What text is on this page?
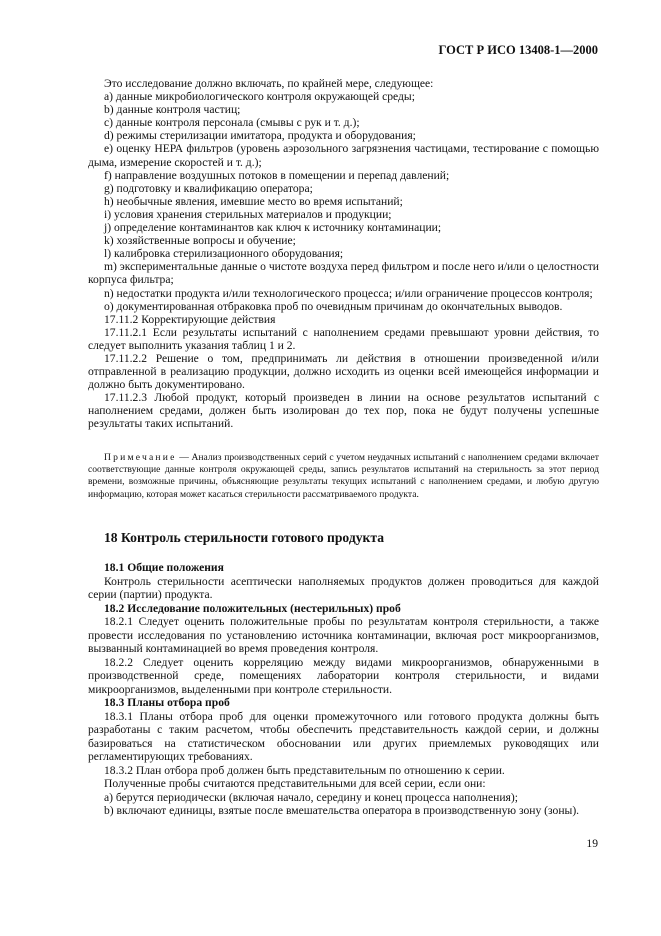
ГОСТ Р ИСО 13408-1—2000

Это исследование должно включать, по крайней мере, следующее:

a) данные микробиологического контроля окружающей среды;

b) данные контроля частиц;

c) данные контроля персонала (смывы с рук и т. д.);

d) режимы стерилизации имитатора, продукта и оборудования;

e) оценку НЕРА фильтров (уровень аэрозольного загрязнения частицами, тестирование с помощью дыма, измерение скоростей и т. д.);

f) направление воздушных потоков в помещении и перепад давлений;

g) подготовку и квалификацию оператора;

h) необычные явления, имевшие место во время испытаний;

i) условия хранения стерильных материалов и продукции;

j) определение контаминантов как ключ к источнику контаминации;

k) хозяйственные вопросы и обучение;

l) калибровка стерилизационного оборудования;

m) экспериментальные данные о чистоте воздуха перед фильтром и после него и/или о целостности корпуса фильтра;

n) недостатки продукта и/или технологического процесса; и/или ограничение процессов контроля;

o) документированная отбраковка проб по очевидным причинам до окончательных выводов.

17.11.2 Корректирующие действия

17.11.2.1 Если результаты испытаний с наполнением средами превышают уровни действия, то следует выполнить указания таблиц 1 и 2.

17.11.2.2 Решение о том, предпринимать ли действия в отношении произведенной и/или отправленной в реализацию продукции, должно исходить из оценки всей имеющейся информации и должно быть документировано.

17.11.2.3 Любой продукт, который произведен в линии на основе результатов испытаний с наполнением средами, должен быть изолирован до тех пор, пока не будут получены успешные результаты таких испытаний.

Примечание — Анализ производственных серий с учетом неудачных испытаний с наполнением средами включает соответствующие данные контроля окружающей среды, запись результатов испытаний на стерильность за этот период времени, возможные причины, объясняющие результаты текущих испытаний с наполнением средами, и любую другую информацию, которая может касаться стерильности рассматриваемого продукта.

18 Контроль стерильности готового продукта

18.1 Общие положения

Контроль стерильности асептически наполняемых продуктов должен проводиться для каждой серии (партии) продукта.

18.2 Исследование положительных (нестерильных) проб

18.2.1 Следует оценить положительные пробы по результатам контроля стерильности, а также провести исследования по установлению источника контаминации, включая рост микроорганизмов, вызванный контаминацией во время проведения контроля.

18.2.2 Следует оценить корреляцию между видами микроорганизмов, обнаруженными в производственной среде, помещениях лаборатории контроля стерильности, и видами микроорганизмов, выделенными при контроле стерильности.

18.3 Планы отбора проб

18.3.1 Планы отбора проб для оценки промежуточного или готового продукта должны быть разработаны с таким расчетом, чтобы обеспечить представительность каждой серии, и должны базироваться на статистическом обосновании или других приемлемых руководящих или регламентирующих требованиях.

18.3.2 План отбора проб должен быть представительным по отношению к серии.

Полученные пробы считаются представительными для всей серии, если они:

a) берутся периодически (включая начало, середину и конец процесса наполнения);

b) включают единицы, взятые после вмешательства оператора в производственную зону (зоны).

19
